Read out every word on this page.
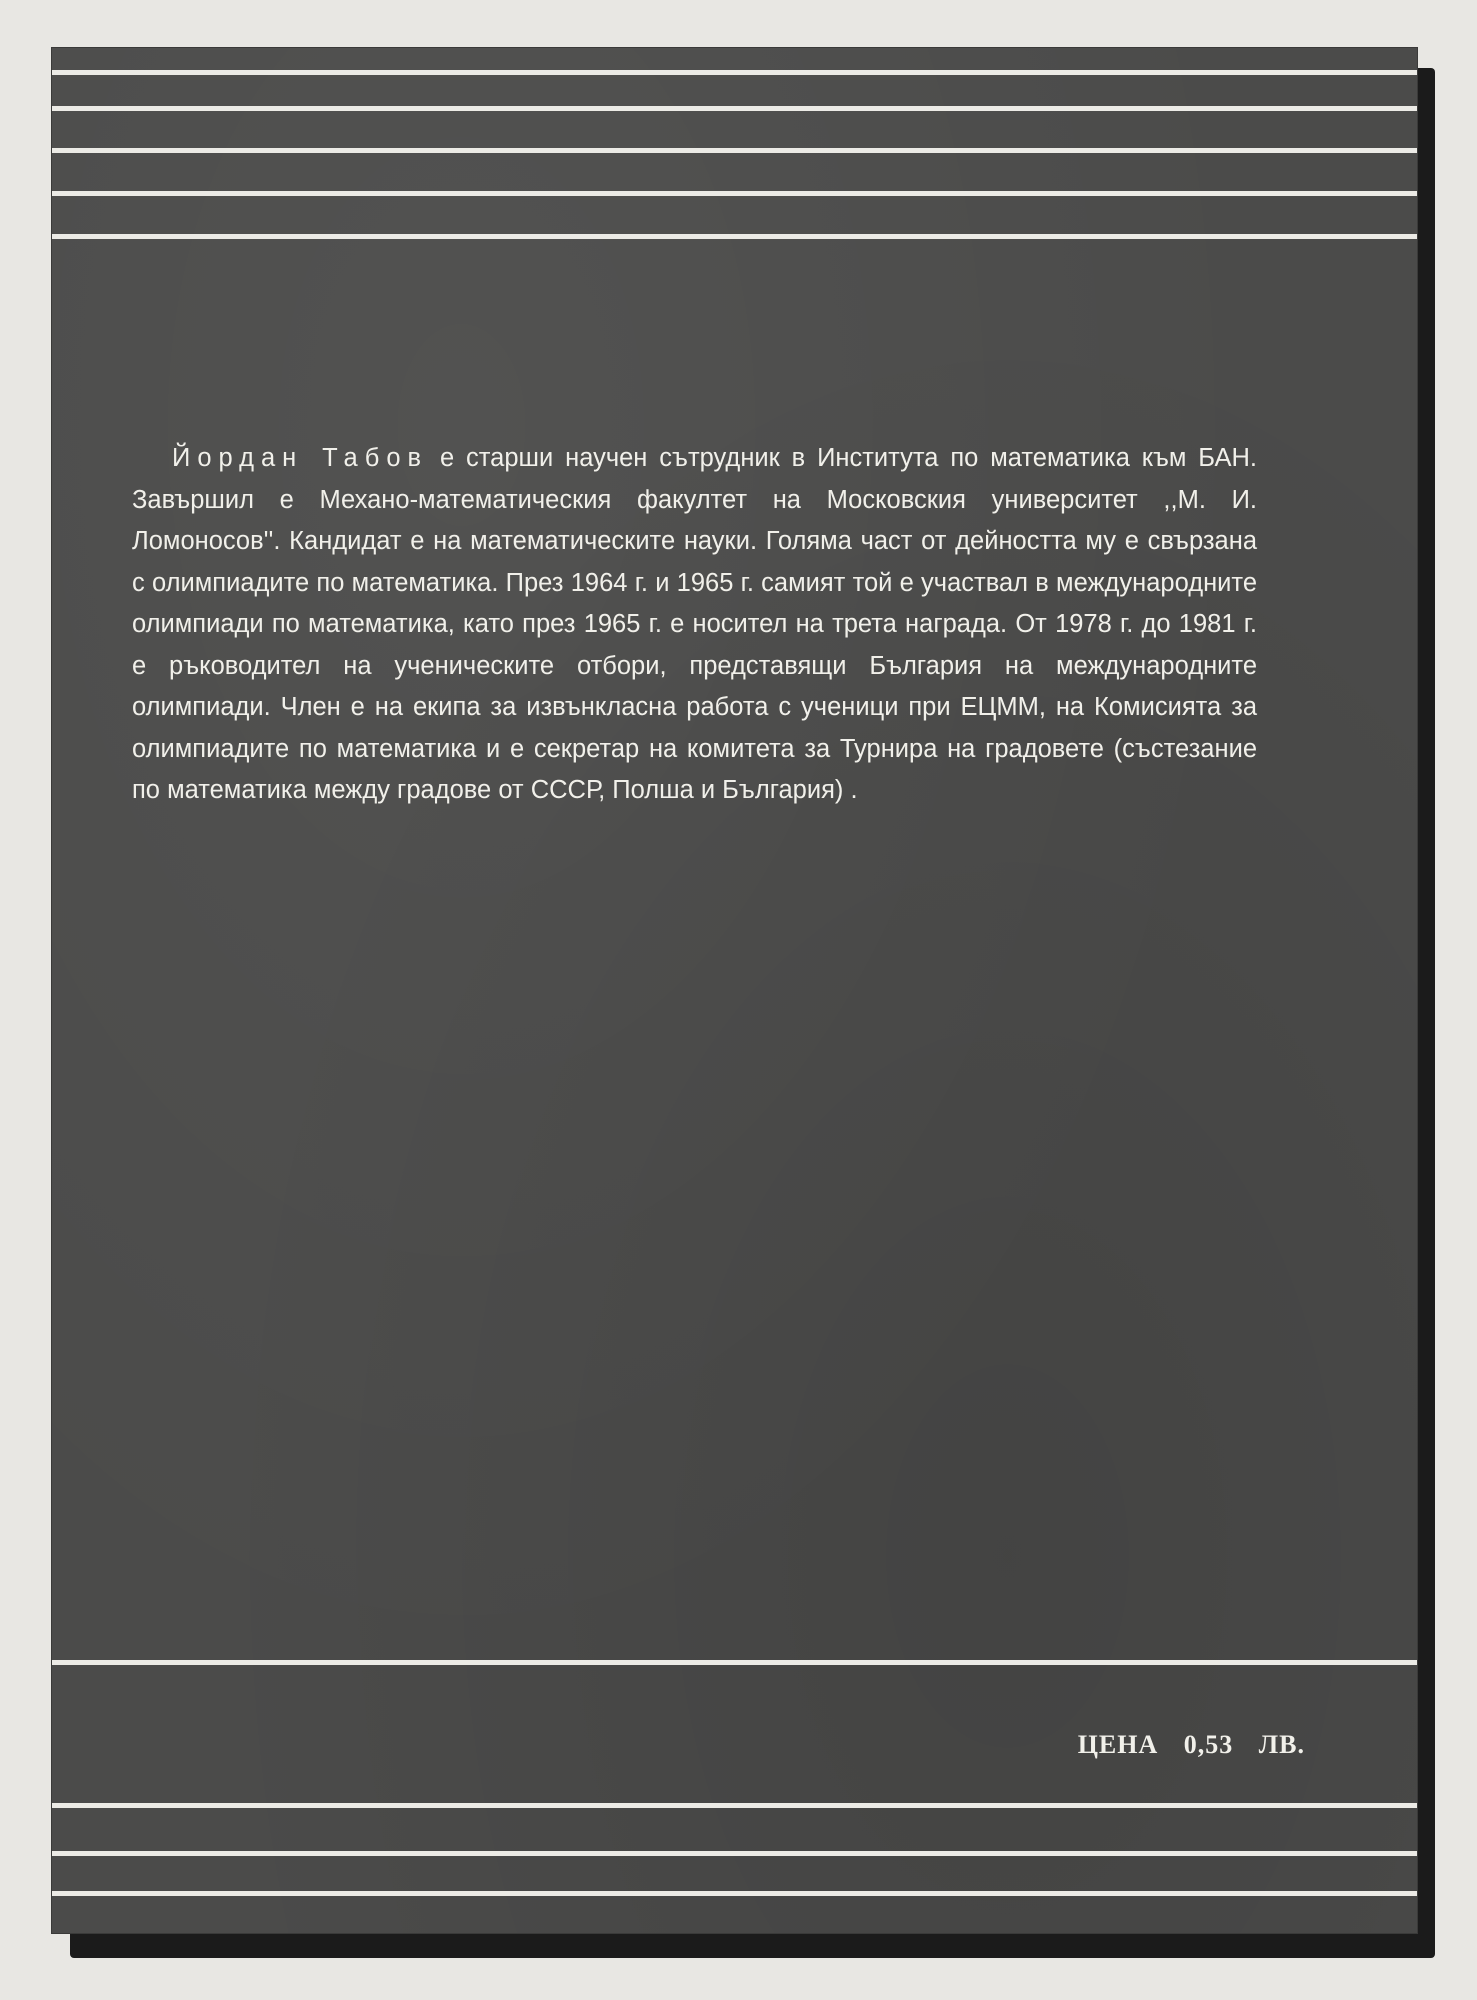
Йордан Табов е старши научен сътрудник в Института по математика към БАН. Завършил е Механо-математическия факултет на Московския университет ,,М. И. Ломоносов''. Кандидат е на математическите науки. Голяма част от дейността му е свързана с олимпиадите по математика. През 1964 г. и 1965 г. самият той е участвал в международните олимпиади по математика, като през 1965 г. е носител на трета награда. От 1978 г. до 1981 г. е ръководител на ученическите отбори, представящи България на международните олимпиади. Член е на екипа за извънкласна работа с ученици при ЕЦММ, на Комисията за олимпиадите по математика и е секретар на комитета за Турнира на градовете (състезание по математика между градове от СССР, Полша и България) .

ЦЕНА 0,53 ЛВ.
